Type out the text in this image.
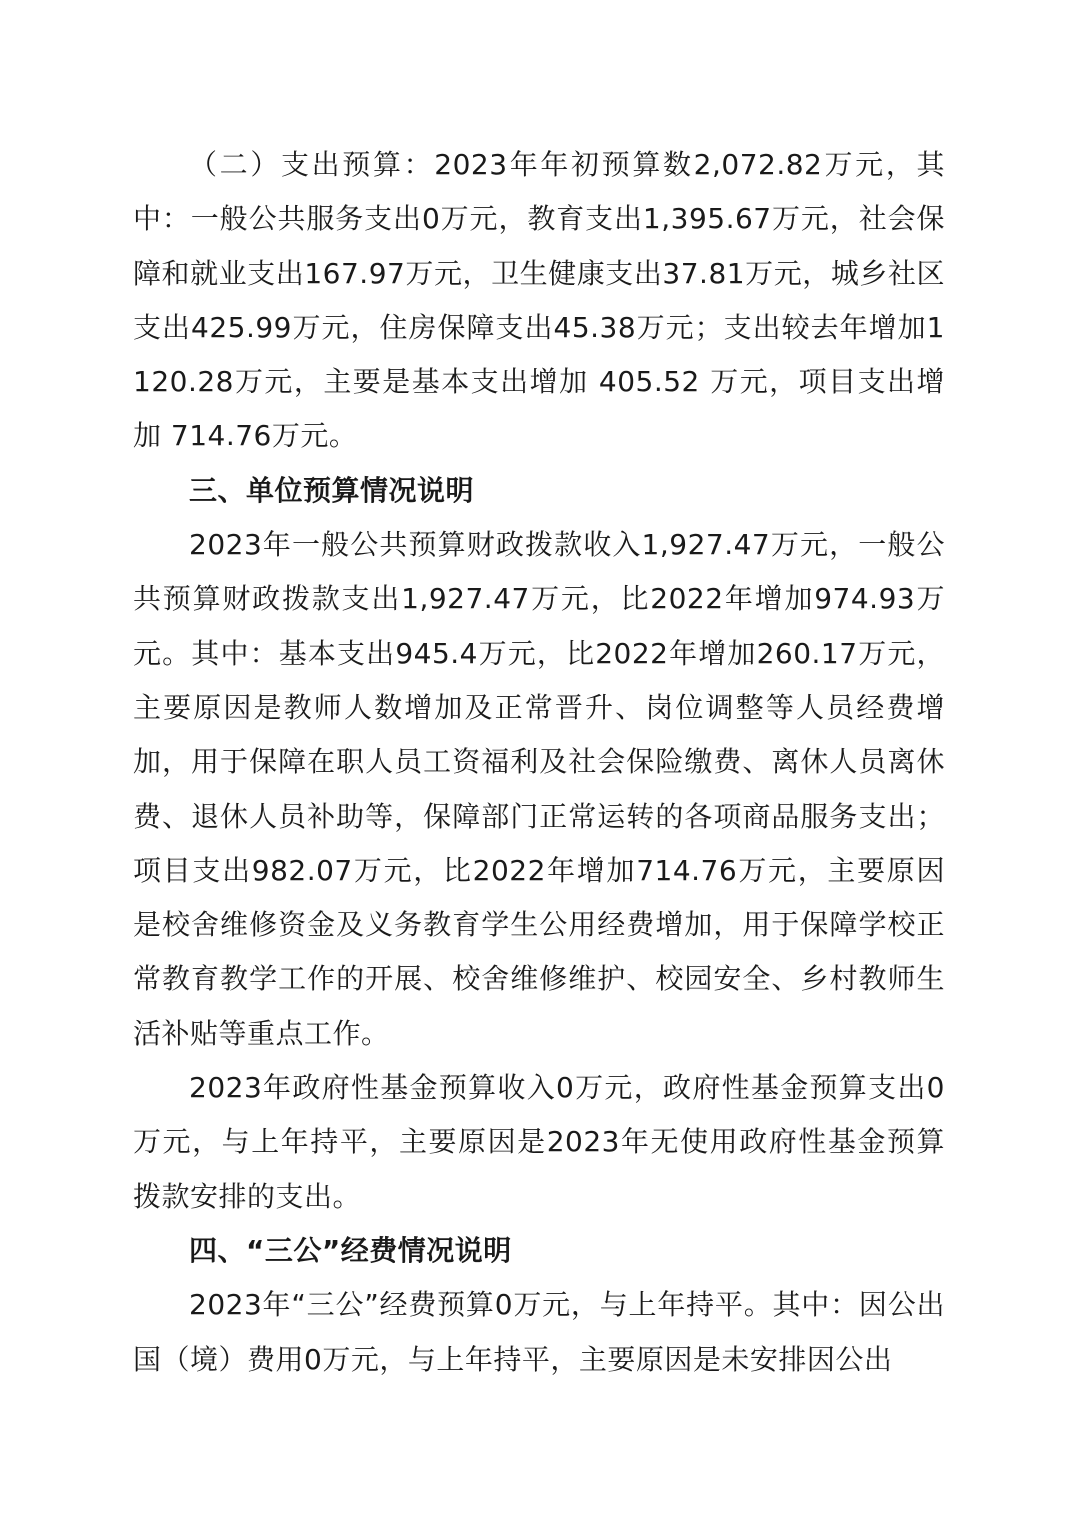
（二）支出预算：2023年年初预算数2,072.82万元，其中：一般公共服务支出0万元，教育支出1,395.67万元，社会保障和就业支出167.97万元，卫生健康支出37.81万元，城乡社区支出425.99万元，住房保障支出45.38万元；支出较去年增加1120.28万元，主要是基本支出增加 405.52 万元，项目支出增加 714.76万元。

三、单位预算情况说明

2023年一般公共预算财政拨款收入1,927.47万元，一般公共预算财政拨款支出1,927.47万元，比2022年增加974.93万元。其中：基本支出945.4万元，比2022年增加260.17万元，主要原因是教师人数增加及正常晋升、岗位调整等人员经费增加，用于保障在职人员工资福利及社会保险缴费、离休人员离休费、退休人员补助等，保障部门正常运转的各项商品服务支出；项目支出982.07万元，比2022年增加714.76万元，主要原因是校舍维修资金及义务教育学生公用经费增加，用于保障学校正常教育教学工作的开展、校舍维修维护、校园安全、乡村教师生活补贴等重点工作。

2023年政府性基金预算收入0万元，政府性基金预算支出0万元，与上年持平，主要原因是2023年无使用政府性基金预算拨款安排的支出。

四、“三公”经费情况说明

2023年“三公”经费预算0万元，与上年持平。其中：因公出国（境）费用0万元，与上年持平，主要原因是未安排因公出
